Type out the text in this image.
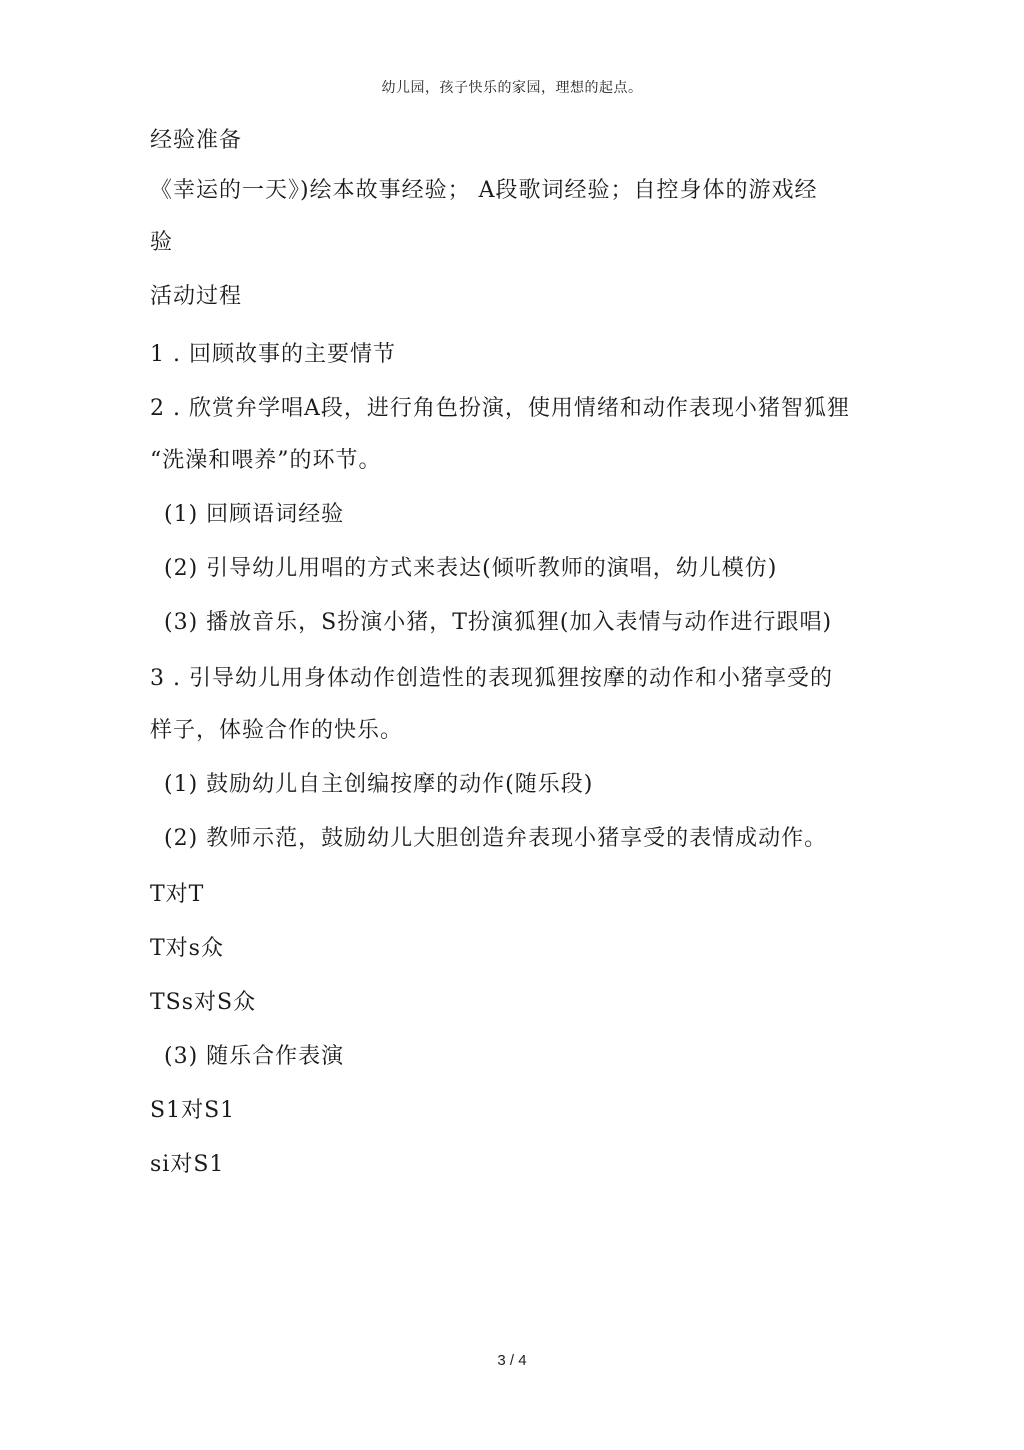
幼儿园，孩子快乐的家园，理想的起点。
经验准备
《幸运的一天》)绘本故事经验； A段歌词经验；自控身体的游戏经
验
活动过程
1 . 回顾故事的主要情节
2 . 欣赏弁学唱A段，进行角色扮演，使用情绪和动作表现小猪智狐狸
“洗澡和喂养”的环节。
(1) 回顾语词经验
(2) 引导幼儿用唱的方式来表达(倾听教师的演唱，幼儿模仿)
(3) 播放音乐，S扮演小猪，T扮演狐狸(加入表情与动作进行跟唱)
3 . 引导幼儿用身体动作创造性的表现狐狸按摩的动作和小猪享受的
样子，体验合作的快乐。
(1) 鼓励幼儿自主创编按摩的动作(随乐段)
(2) 教师示范，鼓励幼儿大胆创造弁表现小猪享受的表情成动作。
T对T
T对s众
TSs对S众
(3) 随乐合作表演
S1对S1
si对S1
3 / 4
